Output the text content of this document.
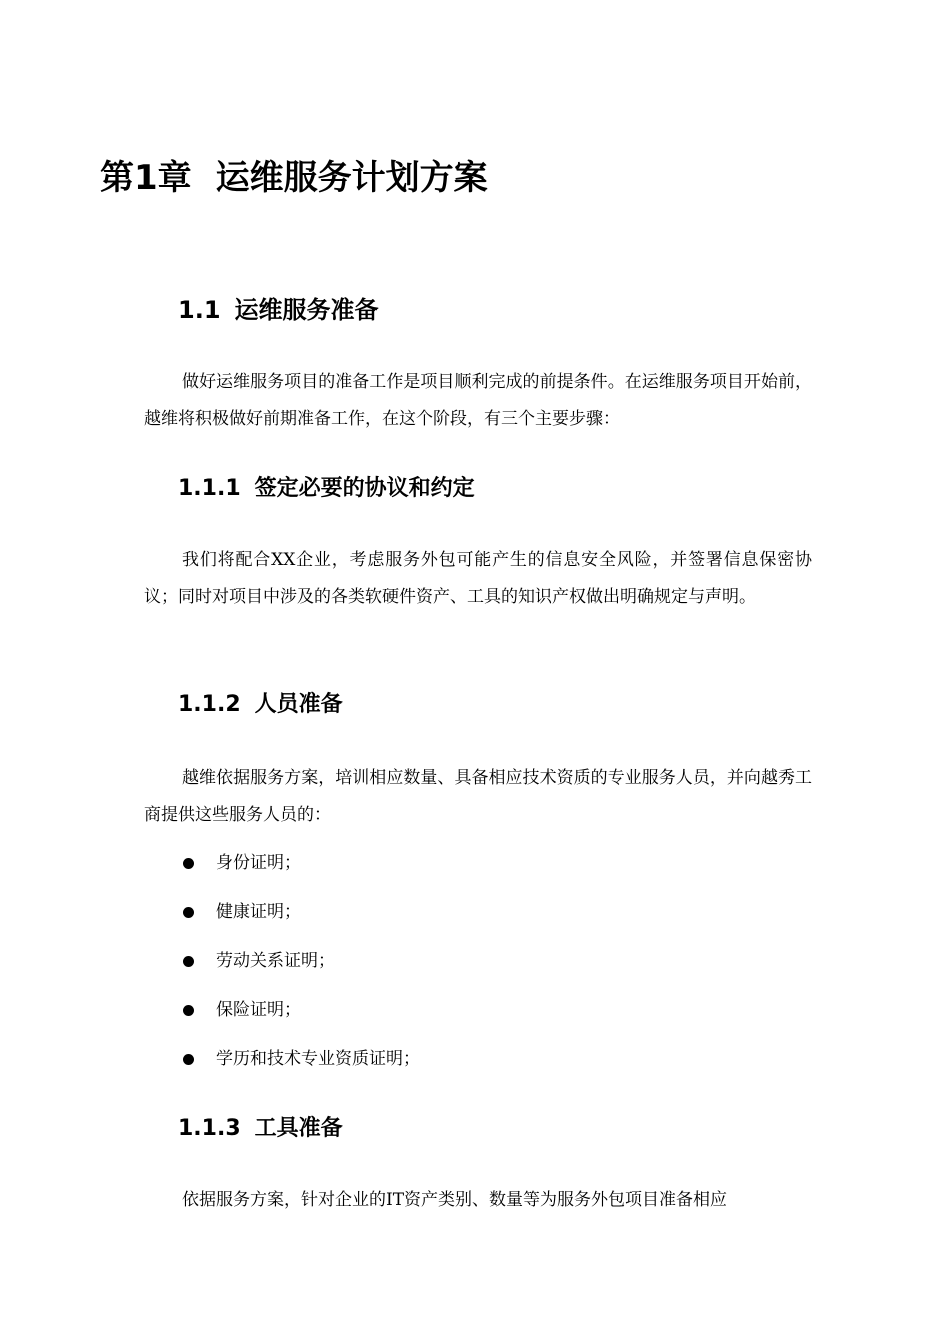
第1章 运维服务计划方案
1.1 运维服务准备

做好运维服务项目的准备工作是项目顺利完成的前提条件。在运维服务项目开始前，越维将积极做好前期准备工作，在这个阶段，有三个主要步骤：

1.1.1 签定必要的协议和约定

我们将配合XX企业，考虑服务外包可能产生的信息安全风险，并签署信息保密协议；同时对项目中涉及的各类软硬件资产、工具的知识产权做出明确规定与声明。

1.1.2 人员准备

越维依据服务方案，培训相应数量、具备相应技术资质的专业服务人员，并向越秀工商提供这些服务人员的：

身份证明；
健康证明；
劳动关系证明；
保险证明；
学历和技术专业资质证明；
1.1.3 工具准备

依据服务方案，针对企业的IT资产类别、数量等为服务外包项目准备相应
